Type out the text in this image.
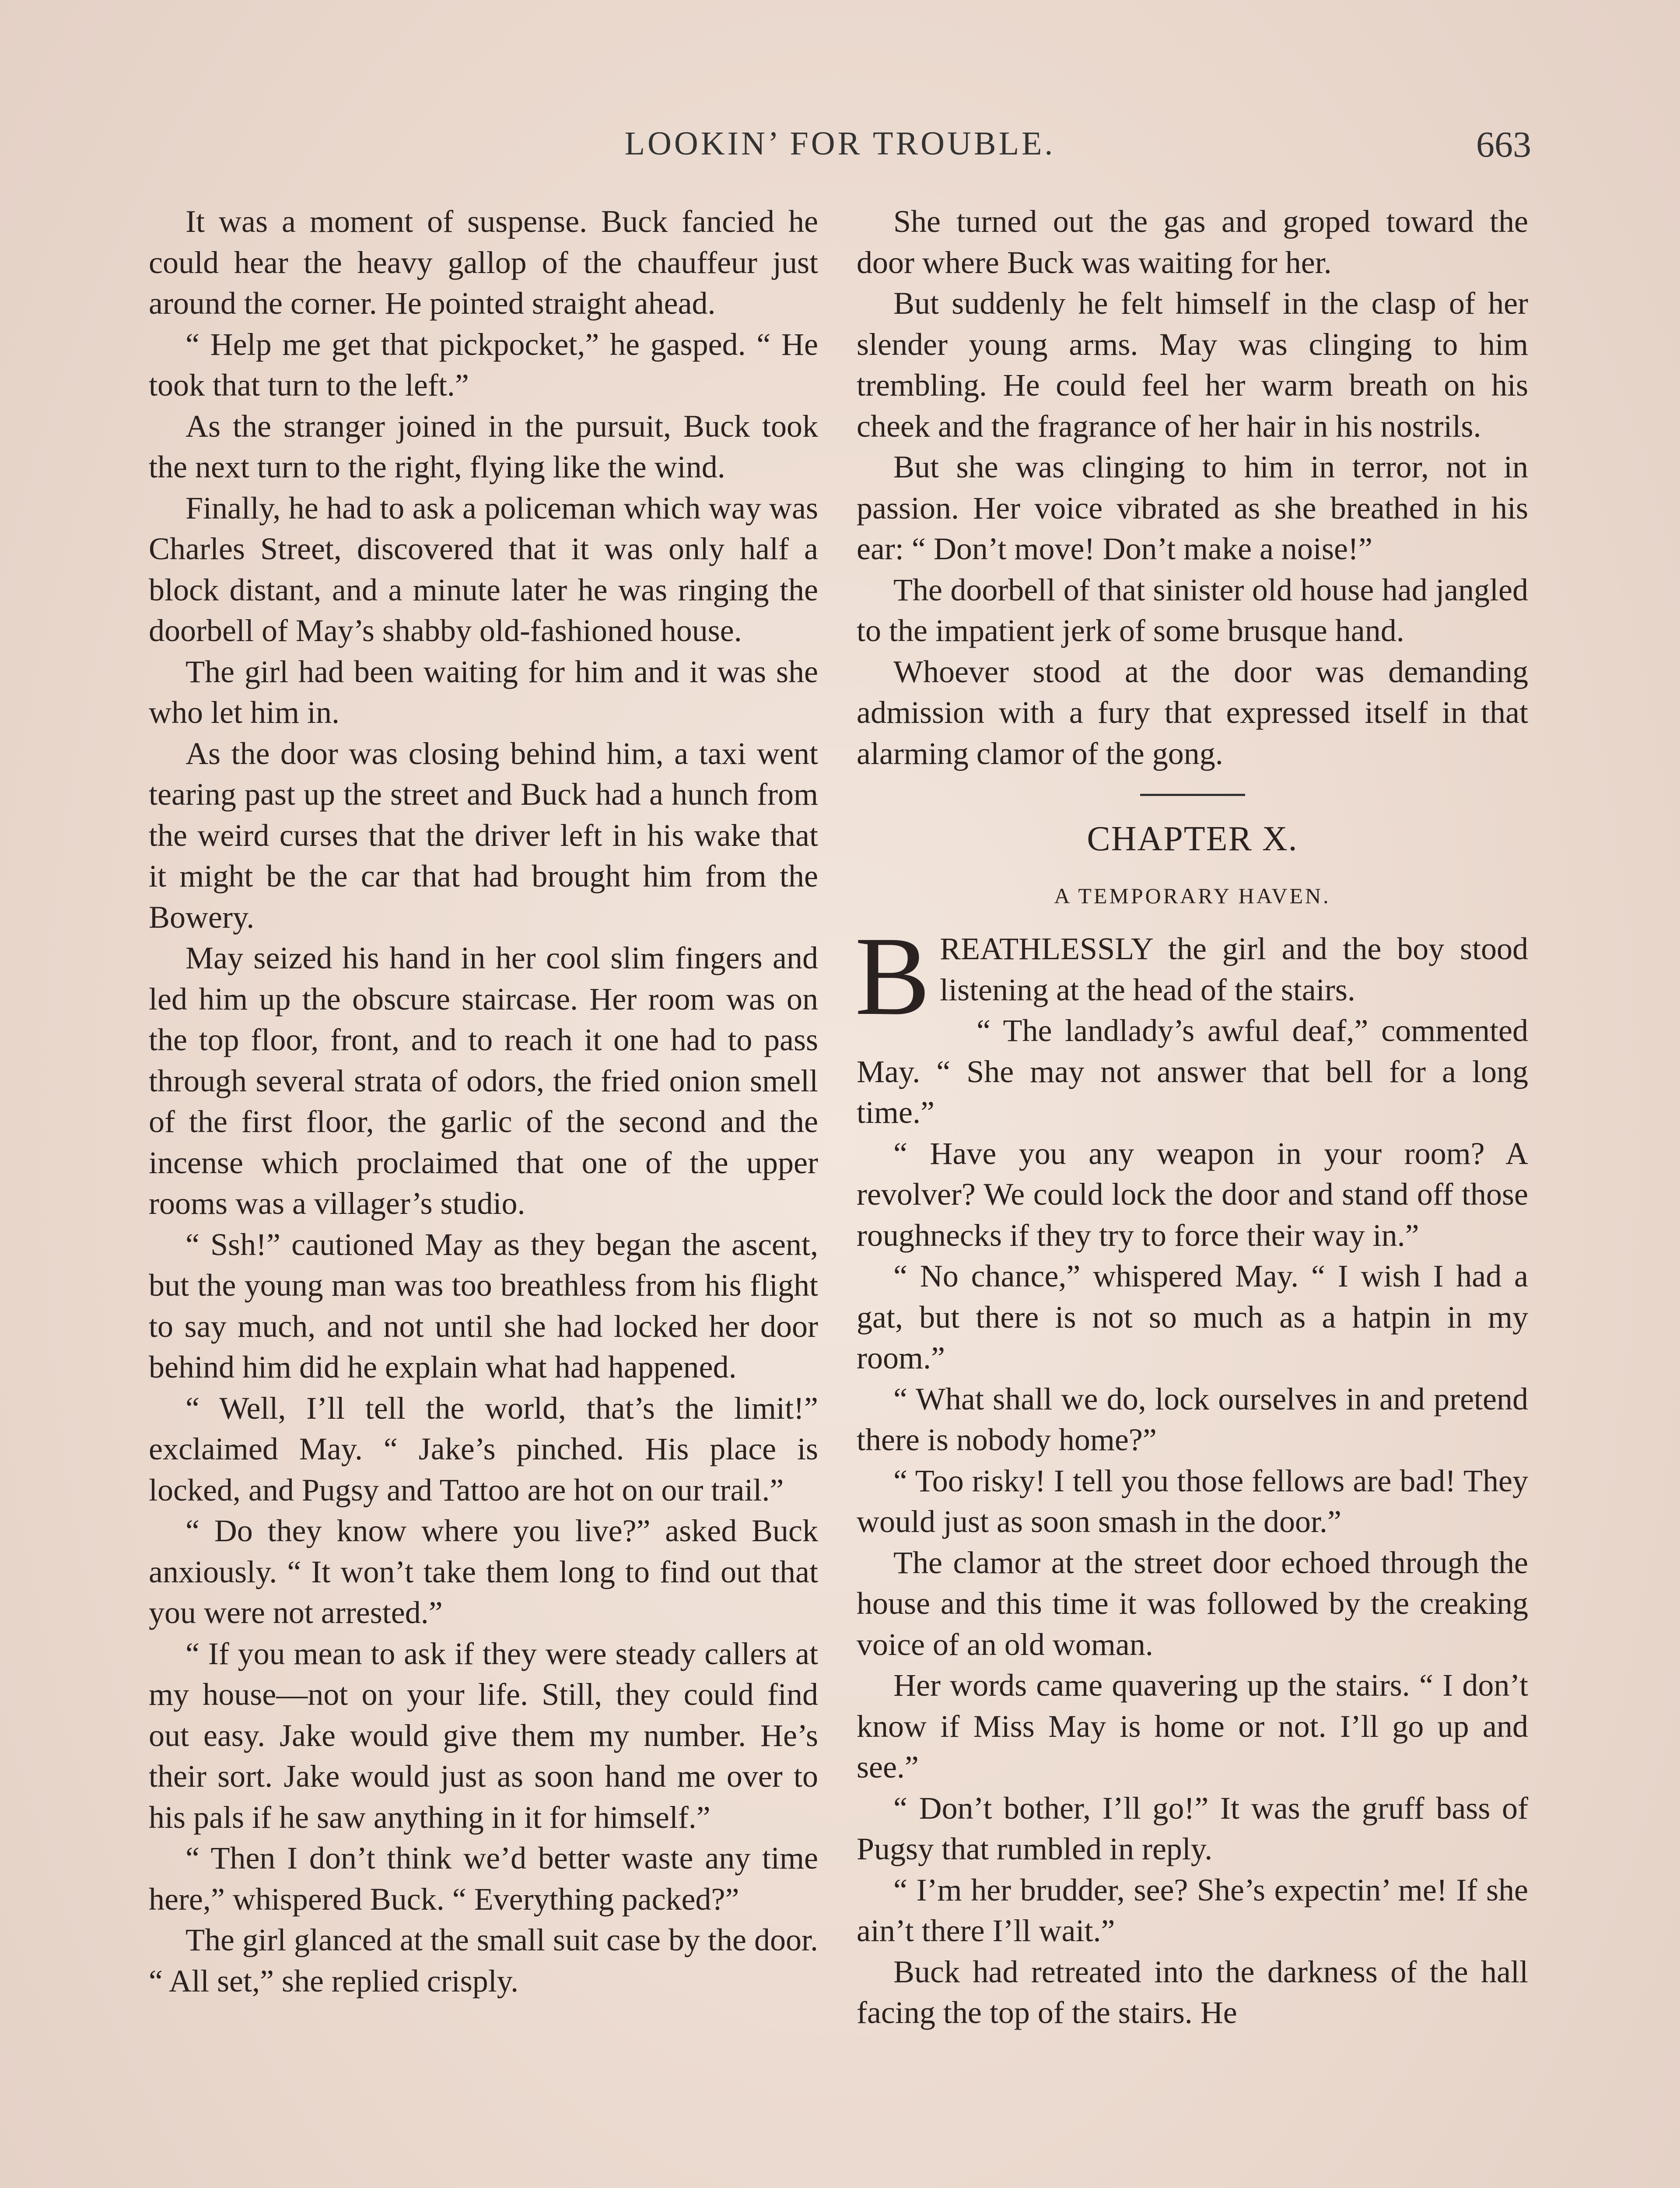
LOOKIN’ FOR TROUBLE.	663

It was a moment of suspense. Buck fancied he could hear the heavy gallop of the chauffeur just around the corner. He pointed straight ahead.

“ Help me get that pickpocket,” he gasped. “ He took that turn to the left.”

As the stranger joined in the pursuit, Buck took the next turn to the right, flying like the wind.

Finally, he had to ask a policeman which way was Charles Street, discovered that it was only half a block distant, and a minute later he was ringing the doorbell of May’s shabby old-fashioned house.

The girl had been waiting for him and it was she who let him in.

As the door was closing behind him, a taxi went tearing past up the street and Buck had a hunch from the weird curses that the driver left in his wake that it might be the car that had brought him from the Bowery.

May seized his hand in her cool slim fingers and led him up the obscure staircase. Her room was on the top floor, front, and to reach it one had to pass through several strata of odors, the fried onion smell of the first floor, the garlic of the second and the incense which proclaimed that one of the upper rooms was a villager’s studio.

“ Ssh!” cautioned May as they began the ascent, but the young man was too breathless from his flight to say much, and not until she had locked her door behind him did he explain what had happened.

“ Well, I’ll tell the world, that’s the limit!” exclaimed May. “ Jake’s pinched. His place is locked, and Pugsy and Tattoo are hot on our trail.”

“ Do they know where you live?” asked Buck anxiously. “ It won’t take them long to find out that you were not arrested.”

“ If you mean to ask if they were steady callers at my house—not on your life. Still, they could find out easy. Jake would give them my number. He’s their sort. Jake would just as soon hand me over to his pals if he saw anything in it for himself.”

“ Then I don’t think we’d better waste any time here,” whispered Buck. “ Everything packed?”

The girl glanced at the small suit case by the door. “ All set,” she replied crisply.

She turned out the gas and groped toward the door where Buck was waiting for her.

But suddenly he felt himself in the clasp of her slender young arms. May was clinging to him trembling. He could feel her warm breath on his cheek and the fragrance of her hair in his nostrils.

But she was clinging to him in terror, not in passion. Her voice vibrated as she breathed in his ear: “ Don’t move! Don’t make a noise!”

The doorbell of that sinister old house had jangled to the impatient jerk of some brusque hand.

Whoever stood at the door was demanding admission with a fury that expressed itself in that alarming clamor of the gong.

CHAPTER X.
A TEMPORARY HAVEN.

BREATHLESSLY the girl and the boy stood listening at the head of the stairs.

“ The landlady’s awful deaf,” commented May. “ She may not answer that bell for a long time.”

“ Have you any weapon in your room? A revolver? We could lock the door and stand off those roughnecks if they try to force their way in.”

“ No chance,” whispered May. “ I wish I had a gat, but there is not so much as a hatpin in my room.”

“ What shall we do, lock ourselves in and pretend there is nobody home?”

“ Too risky! I tell you those fellows are bad! They would just as soon smash in the door.”

The clamor at the street door echoed through the house and this time it was followed by the creaking voice of an old woman.

Her words came quavering up the stairs. “ I don’t know if Miss May is home or not. I’ll go up and see.”

“ Don’t bother, I’ll go!” It was the gruff bass of Pugsy that rumbled in reply.

“ I’m her brudder, see? She’s expectin’ me! If she ain’t there I’ll wait.”

Buck had retreated into the darkness of the hall facing the top of the stairs. He
